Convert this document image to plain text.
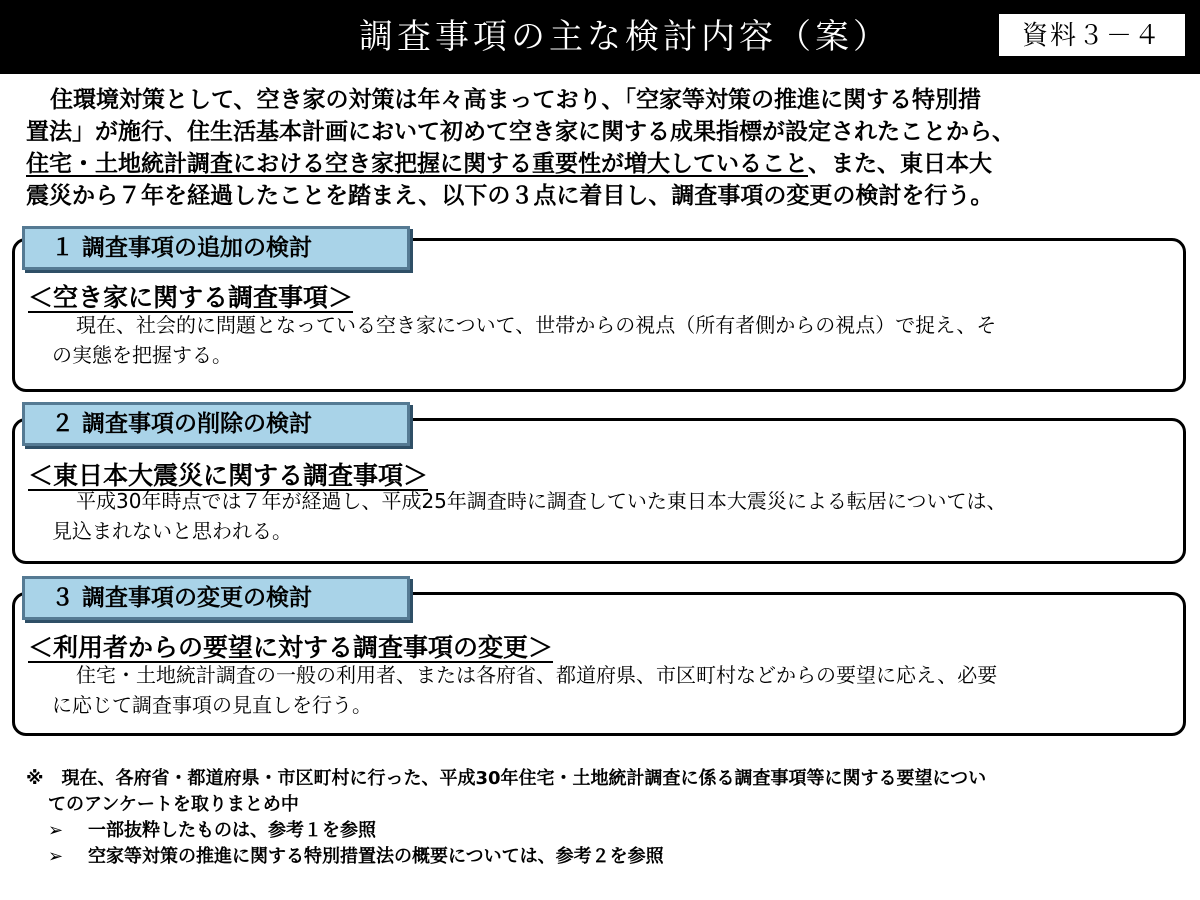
調査事項の主な検討内容（案）	資料３－４

住環境対策として、空き家の対策は年々高まっており、「空家等対策の推進に関する特別措

置法」が施行、住生活基本計画において初めて空き家に関する成果指標が設定されたことから、

住宅・土地統計調査における空き家把握に関する重要性が増大していること、また、東日本大

震災から７年を経過したことを踏まえ、以下の３点に着目し、調査事項の変更の検討を行う。

１ 調査事項の追加の検討
＜空き家に関する調査事項＞

現在、社会的に問題となっている空き家について、世帯からの視点（所有者側からの視点）で捉え、そ

の実態を把握する。

２ 調査事項の削除の検討
＜東日本大震災に関する調査事項＞

平成30年時点では７年が経過し、平成25年調査時に調査していた東日本大震災による転居については、

見込まれないと思われる。

３ 調査事項の変更の検討
＜利用者からの要望に対する調査事項の変更＞

住宅・土地統計調査の一般の利用者、または各府省、都道府県、市区町村などからの要望に応え、必要

に応じて調査事項の見直しを行う。

※　現在、各府省・都道府県・市区町村に行った、平成30年住宅・土地統計調査に係る調査事項等に関する要望につい

てのアンケートを取りまとめ中

➢ 一部抜粋したものは、参考１を参照

➢ 空家等対策の推進に関する特別措置法の概要については、参考２を参照
